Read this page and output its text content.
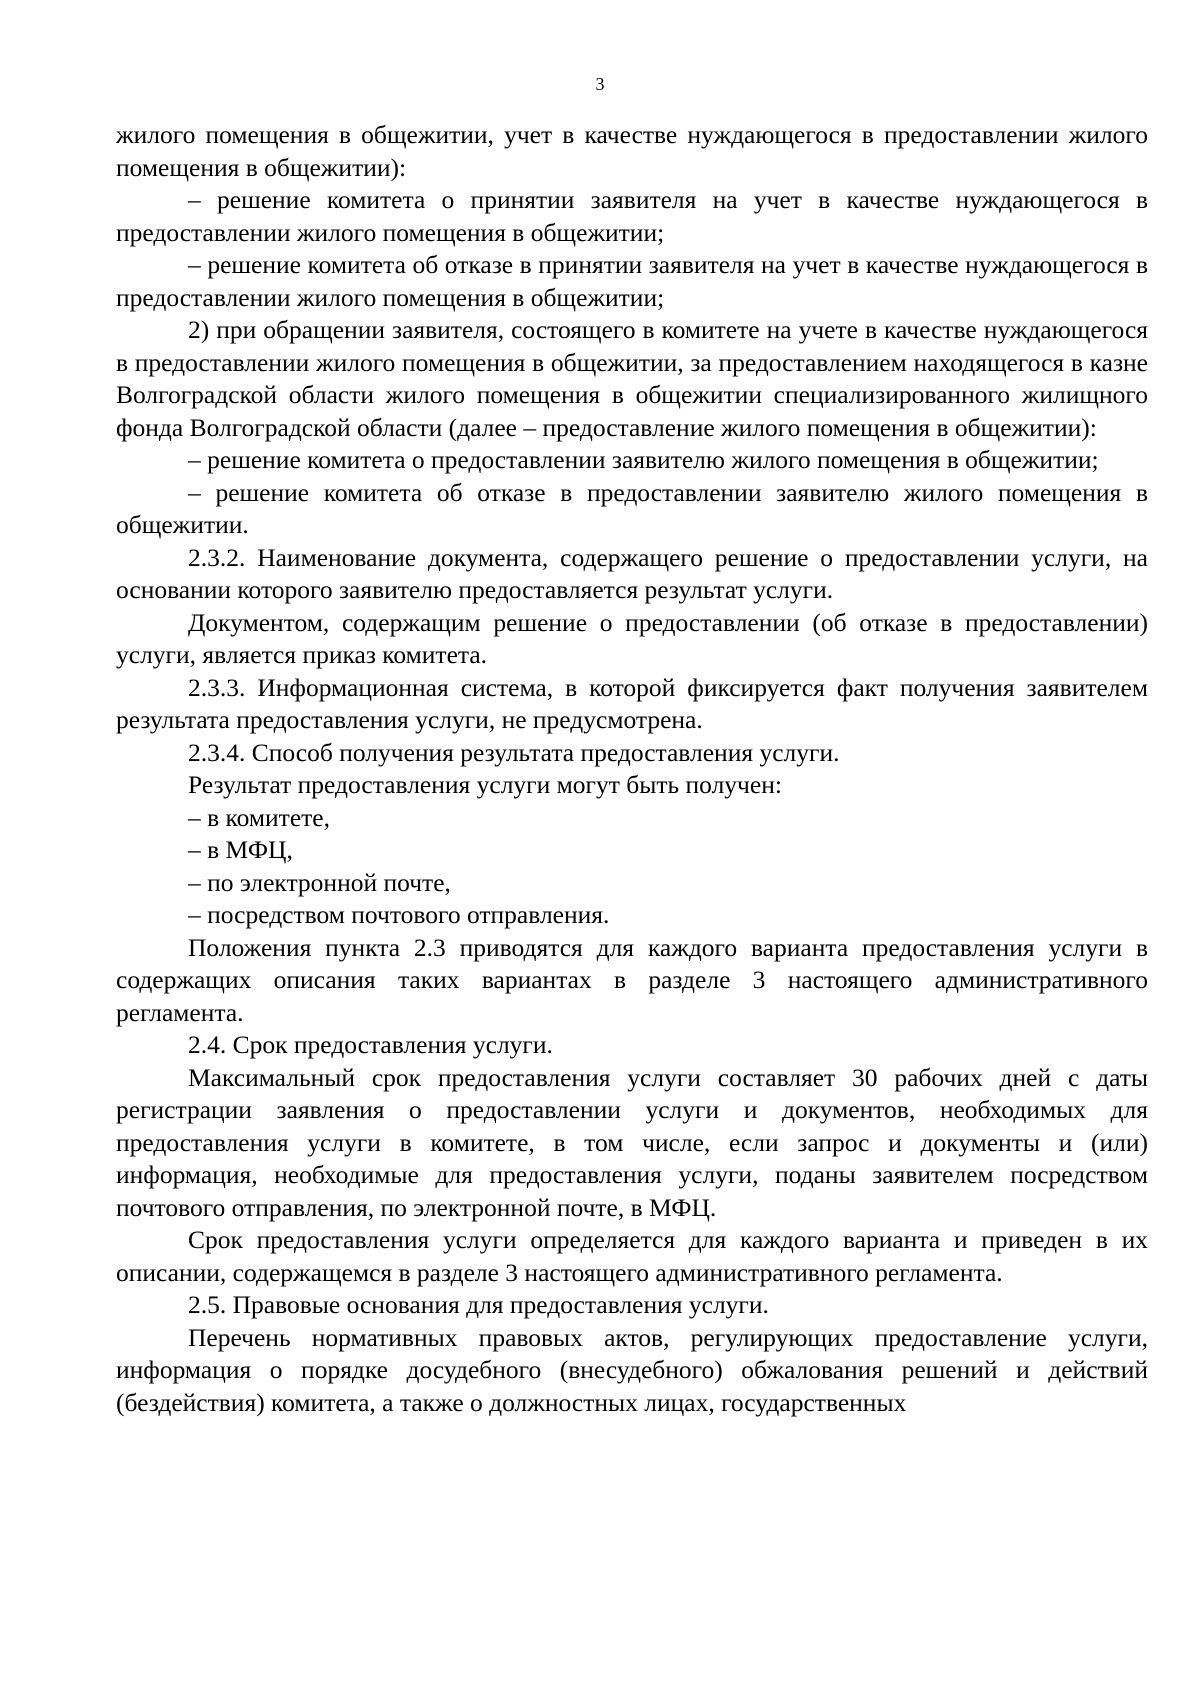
3

жилого помещения в общежитии, учет в качестве нуждающегося в предоставлении жилого помещения в общежитии):

– решение комитета о принятии заявителя на учет в качестве нуждающегося в предоставлении жилого помещения в общежитии;

– решение комитета об отказе в принятии заявителя на учет в качестве нуждающегося в предоставлении жилого помещения в общежитии;

2) при обращении заявителя, состоящего в комитете на учете в качестве нуждающегося в предоставлении жилого помещения в общежитии, за предоставлением находящегося в казне Волгоградской области жилого помещения в общежитии специализированного жилищного фонда Волгоградской области (далее – предоставление жилого помещения в общежитии):

– решение комитета о предоставлении заявителю жилого помещения в общежитии;

– решение комитета об отказе в предоставлении заявителю жилого помещения в общежитии.

2.3.2. Наименование документа, содержащего решение о предоставлении услуги, на основании которого заявителю предоставляется результат услуги.

Документом, содержащим решение о предоставлении (об отказе в предоставлении) услуги, является приказ комитета.

2.3.3. Информационная система, в которой фиксируется факт получения заявителем результата предоставления услуги, не предусмотрена.

2.3.4. Способ получения результата предоставления услуги.

Результат предоставления услуги могут быть получен:

– в комитете,

– в МФЦ,

– по электронной почте,

– посредством почтового отправления.

Положения пункта 2.3 приводятся для каждого варианта предоставления услуги в содержащих описания таких вариантах в разделе 3 настоящего административного регламента.

2.4. Срок предоставления услуги.

Максимальный срок предоставления услуги составляет 30 рабочих дней с даты регистрации заявления о предоставлении услуги и документов, необходимых для предоставления услуги в комитете, в том числе, если запрос и документы и (или) информация, необходимые для предоставления услуги, поданы заявителем посредством почтового отправления, по электронной почте, в МФЦ.

Срок предоставления услуги определяется для каждого варианта и приведен в их описании, содержащемся в разделе 3 настоящего административного регламента.

2.5. Правовые основания для предоставления услуги.

Перечень нормативных правовых актов, регулирующих предоставление услуги, информация о порядке досудебного (внесудебного) обжалования решений и действий (бездействия) комитета, а также о должностных лицах, государственных
